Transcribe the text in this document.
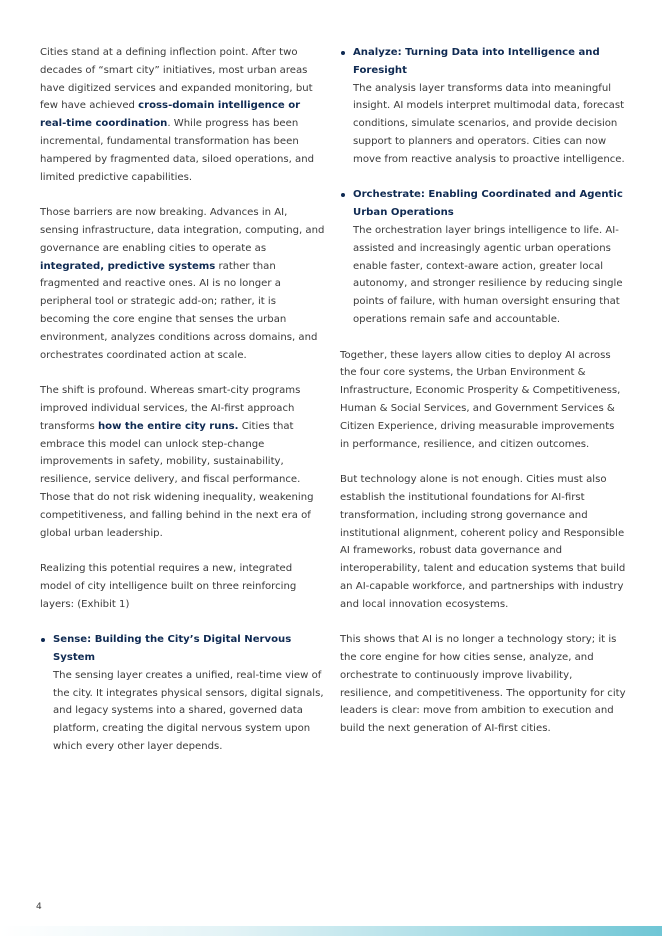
Cities stand at a defining inflection point. After two decades of “smart city” initiatives, most urban areas have digitized services and expanded monitoring, but few have achieved cross-domain intelligence or real-time coordination. While progress has been incremental, fundamental transformation has been hampered by fragmented data, siloed operations, and limited predictive capabilities.

Those barriers are now breaking. Advances in AI, sensing infrastructure, data integration, computing, and governance are enabling cities to operate as integrated, predictive systems rather than fragmented and reactive ones. AI is no longer a peripheral tool or strategic add-on; rather, it is becoming the core engine that senses the urban environment, analyzes conditions across domains, and orchestrates coordinated action at scale.

The shift is profound. Whereas smart-city programs improved individual services, the AI-first approach transforms how the entire city runs. Cities that embrace this model can unlock step-change improvements in safety, mobility, sustainability, resilience, service delivery, and fiscal performance. Those that do not risk widening inequality, weakening competitiveness, and falling behind in the next era of global urban leadership.

Realizing this potential requires a new, integrated model of city intelligence built on three reinforcing layers: (Exhibit 1)

Sense: Building the City’s Digital Nervous System
The sensing layer creates a unified, real-time view of the city. It integrates physical sensors, digital signals, and legacy systems into a shared, governed data platform, creating the digital nervous system upon which every other layer depends.
Analyze: Turning Data into Intelligence and Foresight
The analysis layer transforms data into meaningful insight. AI models interpret multimodal data, forecast conditions, simulate scenarios, and provide decision support to planners and operators. Cities can now move from reactive analysis to proactive intelligence.
Orchestrate: Enabling Coordinated and Agentic Urban Operations
The orchestration layer brings intelligence to life. AI-assisted and increasingly agentic urban operations enable faster, context-aware action, greater local autonomy, and stronger resilience by reducing single points of failure, with human oversight ensuring that operations remain safe and accountable.

Together, these layers allow cities to deploy AI across the four core systems, the Urban Environment & Infrastructure, Economic Prosperity & Competitiveness, Human & Social Services, and Government Services & Citizen Experience, driving measurable improvements in performance, resilience, and citizen outcomes.

But technology alone is not enough. Cities must also establish the institutional foundations for AI-first transformation, including strong governance and institutional alignment, coherent policy and Responsible AI frameworks, robust data governance and interoperability, talent and education systems that build an AI-capable workforce, and partnerships with industry and local innovation ecosystems.

This shows that AI is no longer a technology story; it is the core engine for how cities sense, analyze, and orchestrate to continuously improve livability, resilience, and competitiveness. The opportunity for city leaders is clear: move from ambition to execution and build the next generation of AI-first cities.

4
